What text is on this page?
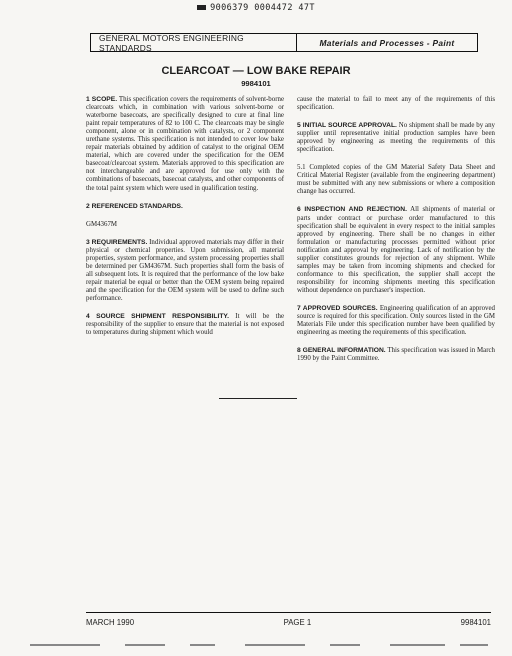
9006379 0004472 47T
GENERAL MOTORS ENGINEERING STANDARDS	Materials and Processes - Paint
CLEARCOAT — LOW BAKE REPAIR
9984101

1 SCOPE. This specification covers the requirements of solvent-borne clearcoats which, in combination with various solvent-borne or waterborne basecoats, are specifically designed to cure at final line paint repair temperatures of 82 to 100 C. The clearcoats may be single component, alone or in combination with catalysts, or 2 component urethane systems. This specification is not intended to cover low bake repair materials obtained by addition of catalyst to the original OEM material, which are covered under the specification for the OEM basecoat/clearcoat system. Materials approved to this specification are not interchangeable and are approved for use only with the combinations of basecoats, basecoat catalysts, and other components of the total paint system which were used in qualification testing.

2 REFERENCED STANDARDS.

GM4367M

3 REQUIREMENTS. Individual approved materials may differ in their physical or chemical properties. Upon submission, all material properties, system performance, and system processing properties shall be determined per GM4367M. Such properties shall form the basis of all subsequent lots. It is required that the performance of the low bake repair material be equal or better than the OEM system being repaired and the specification for the OEM system will be used to define such performance.

4 SOURCE SHIPMENT RESPONSIBILITY. It will be the responsibility of the supplier to ensure that the material is not exposed to temperatures during shipment which would

cause the material to fail to meet any of the requirements of this specification.

5 INITIAL SOURCE APPROVAL. No shipment shall be made by any supplier until representative initial production samples have been approved by engineering as meeting the requirements of this specification.

5.1 Completed copies of the GM Material Safety Data Sheet and Critical Material Register (available from the engineering department) must be submitted with any new submissions or where a composition change has occurred.

6 INSPECTION AND REJECTION. All shipments of material or parts under contract or purchase order manufactured to this specification shall be equivalent in every respect to the initial samples approved by engineering. There shall be no changes in either formulation or manufacturing processes permitted without prior notification and approval by engineering. Lack of notification by the supplier constitutes grounds for rejection of any shipment. While samples may be taken from incoming shipments and checked for conformance to this specification, the supplier shall accept the responsibility for incoming shipments meeting this specification without dependence on purchaser's inspection.

7 APPROVED SOURCES. Engineering qualification of an approved source is required for this specification. Only sources listed in the GM Materials File under this specification number have been qualified by engineering as meeting the requirements of this specification.

8 GENERAL INFORMATION. This specification was issued in March 1990 by the Paint Committee.

MARCH 1990	PAGE 1	9984101
